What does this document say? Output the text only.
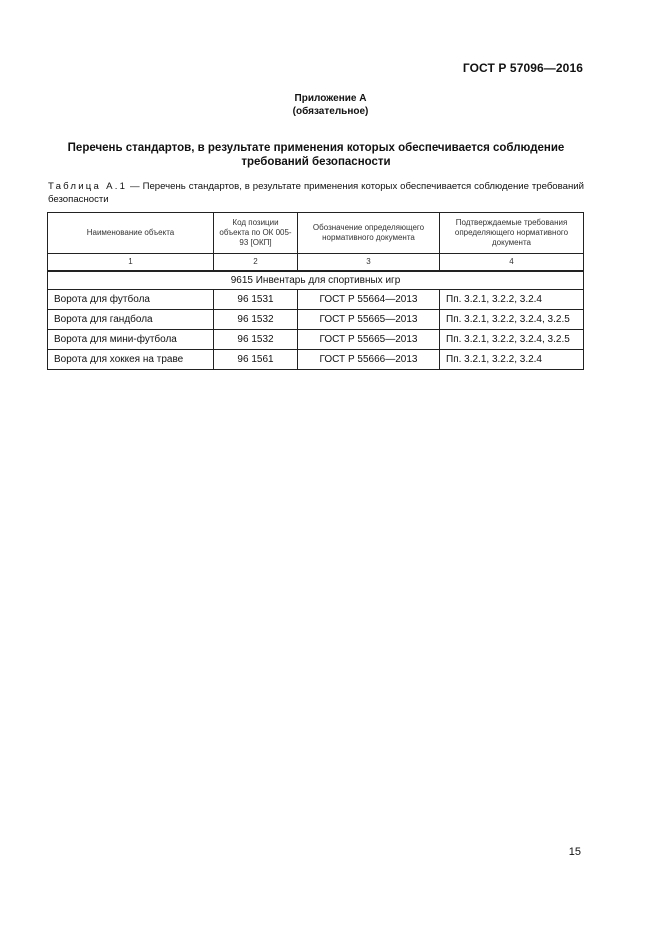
ГОСТ Р 57096—2016
Приложение А
(обязательное)
Перечень стандартов, в результате применения которых обеспечивается соблюдение
требований безопасности
Таблица А.1 — Перечень стандартов, в результате применения которых обеспечивается соблюдение требований безопасности
Наименование объекта	Код позиции объекта по ОК 005-93 [ОКП]	Обозначение определяющего нормативного документа	Подтверждаемые требования определяющего нормативного документа
1	2	3	4
9615 Инвентарь для спортивных игр			
Ворота для футбола	96 1531	ГОСТ Р 55664—2013	Пп. 3.2.1, 3.2.2, 3.2.4
Ворота для гандбола	96 1532	ГОСТ Р 55665—2013	Пп. 3.2.1, 3.2.2, 3.2.4, 3.2.5
Ворота для мини-футбола	96 1532	ГОСТ Р 55665—2013	Пп. 3.2.1, 3.2.2, 3.2.4, 3.2.5
Ворота для хоккея на траве	96 1561	ГОСТ Р 55666—2013	Пп. 3.2.1, 3.2.2, 3.2.4
15
